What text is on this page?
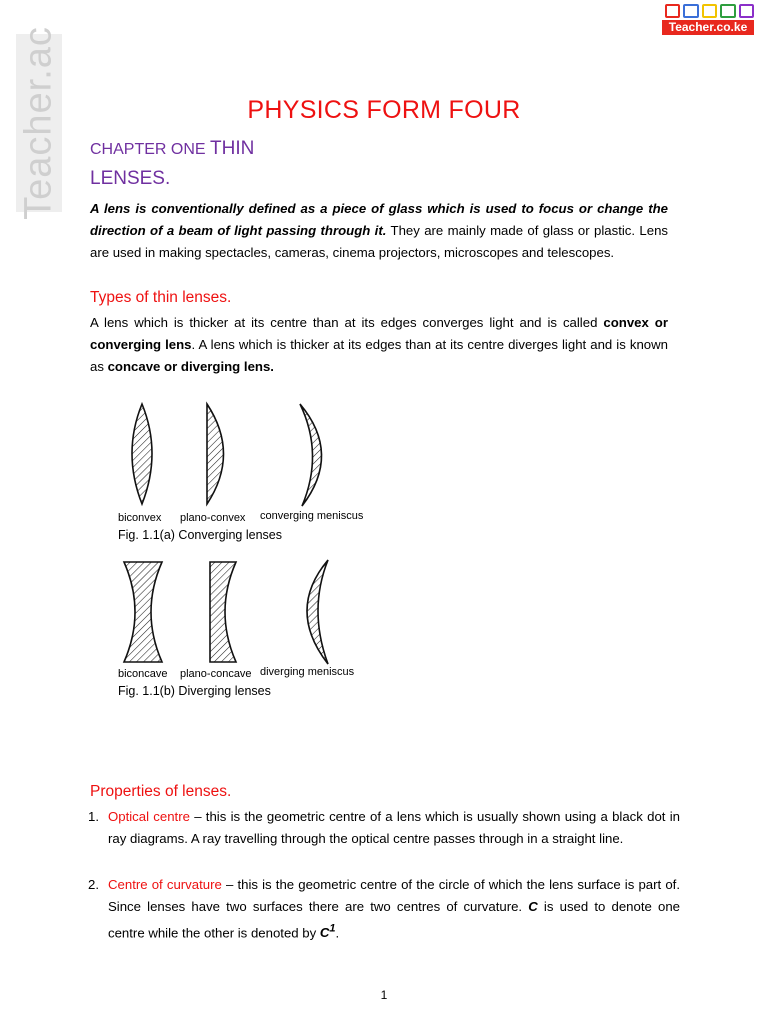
Teacher.ac	Teacher.co.ke
PHYSICS FORM FOUR
CHAPTER ONE THIN
LENSES.
A lens is conventionally defined as a piece of glass which is used to focus or change the direction of a beam of light passing through it. They are mainly made of glass or plastic. Lens are used in making spectacles, cameras, cinema projectors, microscopes and telescopes.
Types of thin lenses.
A lens which is thicker at its centre than at its edges converges light and is called convex or converging lens. A lens which is thicker at its edges than at its centre diverges light and is known as concave or diverging lens.
biconvex plano-convex converging meniscus
Fig. 1.1(a) Converging lenses
biconcave plano-concave diverging meniscus
Fig. 1.1(b) Diverging lenses
Properties of lenses.
1. Optical centre – this is the geometric centre of a lens which is usually shown using a black dot in ray diagrams. A ray travelling through the optical centre passes through in a straight line.
2. Centre of curvature – this is the geometric centre of the circle of which the lens surface is part of. Since lenses have two surfaces there are two centres of curvature. C is used to denote one centre while the other is denoted by $C^1$.
1
